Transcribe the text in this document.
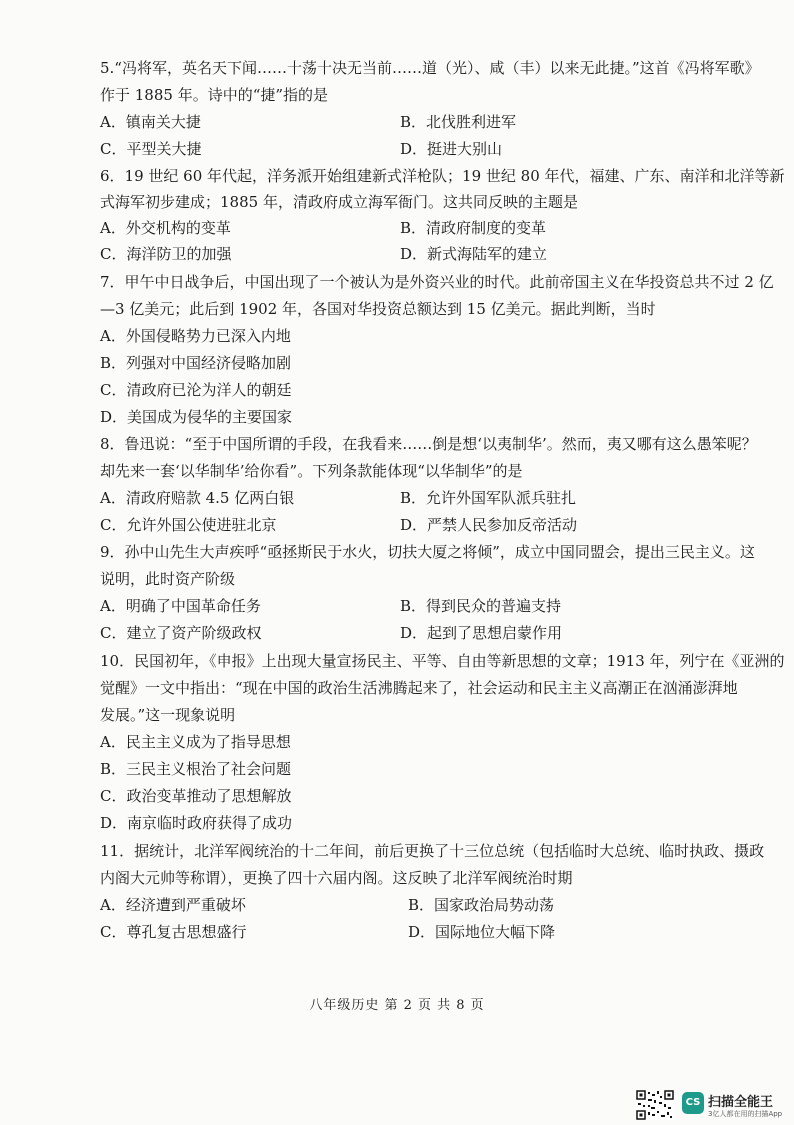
5.“冯将军，英名天下闻……十荡十决无当前……道（光）、咸（丰）以来无此捷。”这首《冯将军歌》
作于 1885 年。诗中的“捷”指的是
A．镇南关大捷	B．北伐胜利进军
C．平型关大捷	D．挺进大别山
6．19 世纪 60 年代起，洋务派开始组建新式洋枪队；19 世纪 80 年代，福建、广东、南洋和北洋等新
式海军初步建成；1885 年，清政府成立海军衙门。这共同反映的主题是
A．外交机构的变革	B．清政府制度的变革
C．海洋防卫的加强	D．新式海陆军的建立
7．甲午中日战争后，中国出现了一个被认为是外资兴业的时代。此前帝国主义在华投资总共不过 2 亿
—3 亿美元；此后到 1902 年，各国对华投资总额达到 15 亿美元。据此判断，当时
A．外国侵略势力已深入内地
B．列强对中国经济侵略加剧
C．清政府已沦为洋人的朝廷
D．美国成为侵华的主要国家
8．鲁迅说：“至于中国所谓的手段，在我看来……倒是想‘以夷制华’。然而，夷又哪有这么愚笨呢？
却先来一套‘以华制华’给你看”。下列条款能体现“以华制华”的是
A．清政府赔款 4.5 亿两白银	B．允许外国军队派兵驻扎
C．允许外国公使进驻北京	D．严禁人民参加反帝活动
9．孙中山先生大声疾呼“亟拯斯民于水火，切扶大厦之将倾”，成立中国同盟会，提出三民主义。这
说明，此时资产阶级
A．明确了中国革命任务	B．得到民众的普遍支持
C．建立了资产阶级政权	D．起到了思想启蒙作用
10．民国初年，《申报》上出现大量宣扬民主、平等、自由等新思想的文章；1913 年，列宁在《亚洲的
觉醒》一文中指出：“现在中国的政治生活沸腾起来了，社会运动和民主主义高潮正在汹涌澎湃地
发展。”这一现象说明
A．民主主义成为了指导思想
B．三民主义根治了社会问题
C．政治变革推动了思想解放
D．南京临时政府获得了成功
11．据统计，北洋军阀统治的十二年间，前后更换了十三位总统（包括临时大总统、临时执政、摄政
内阁大元帅等称谓），更换了四十六届内阁。这反映了北洋军阀统治时期
A．经济遭到严重破坏	B．国家政治局势动荡
C．尊孔复古思想盛行	D．国际地位大幅下降
八年级历史 第 2 页 共 8 页
CS 扫描全能王
3亿人都在用的扫描App
